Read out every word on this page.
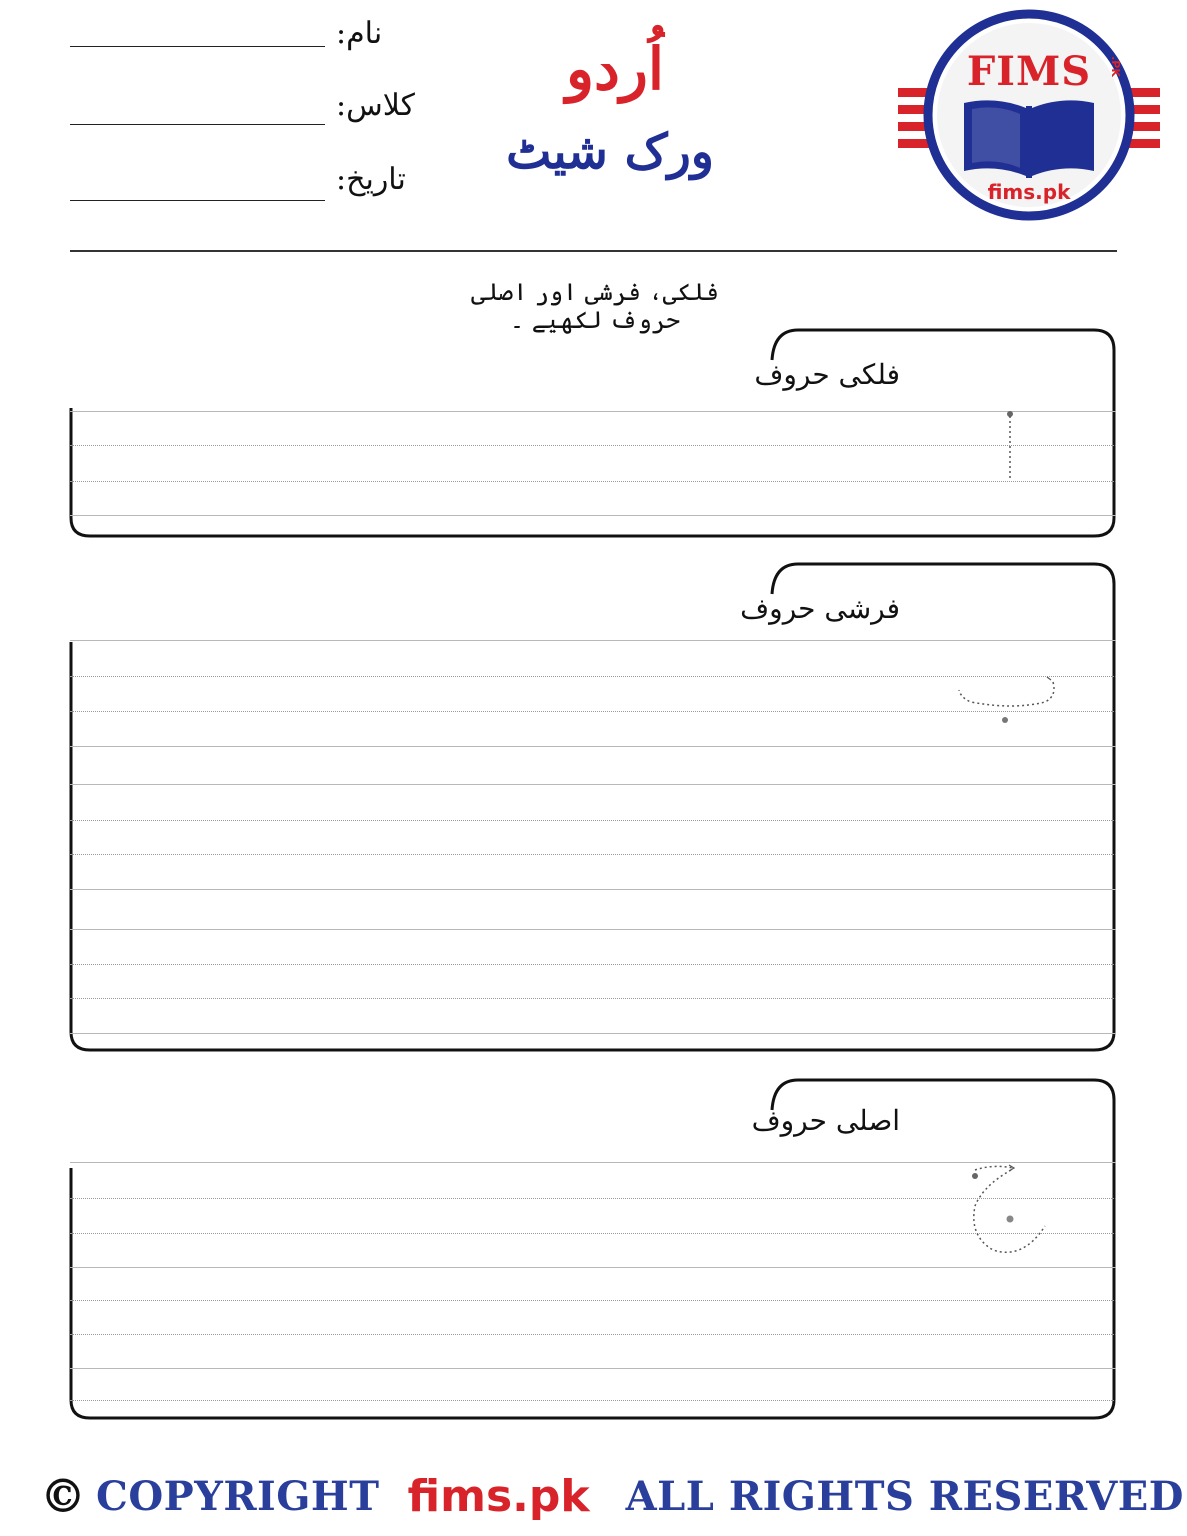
نام:
کلاس:
تاریخ:
اُردو
ورک شیٹ
FIMS	.PK
fims.pk
فلکی، فرشی اور اصلی حروف لکھیے ۔
فلکی حروف
فرشی حروف
اصلی حروف
© COPYRIGHT fims.pk ALL RIGHTS RESERVED
